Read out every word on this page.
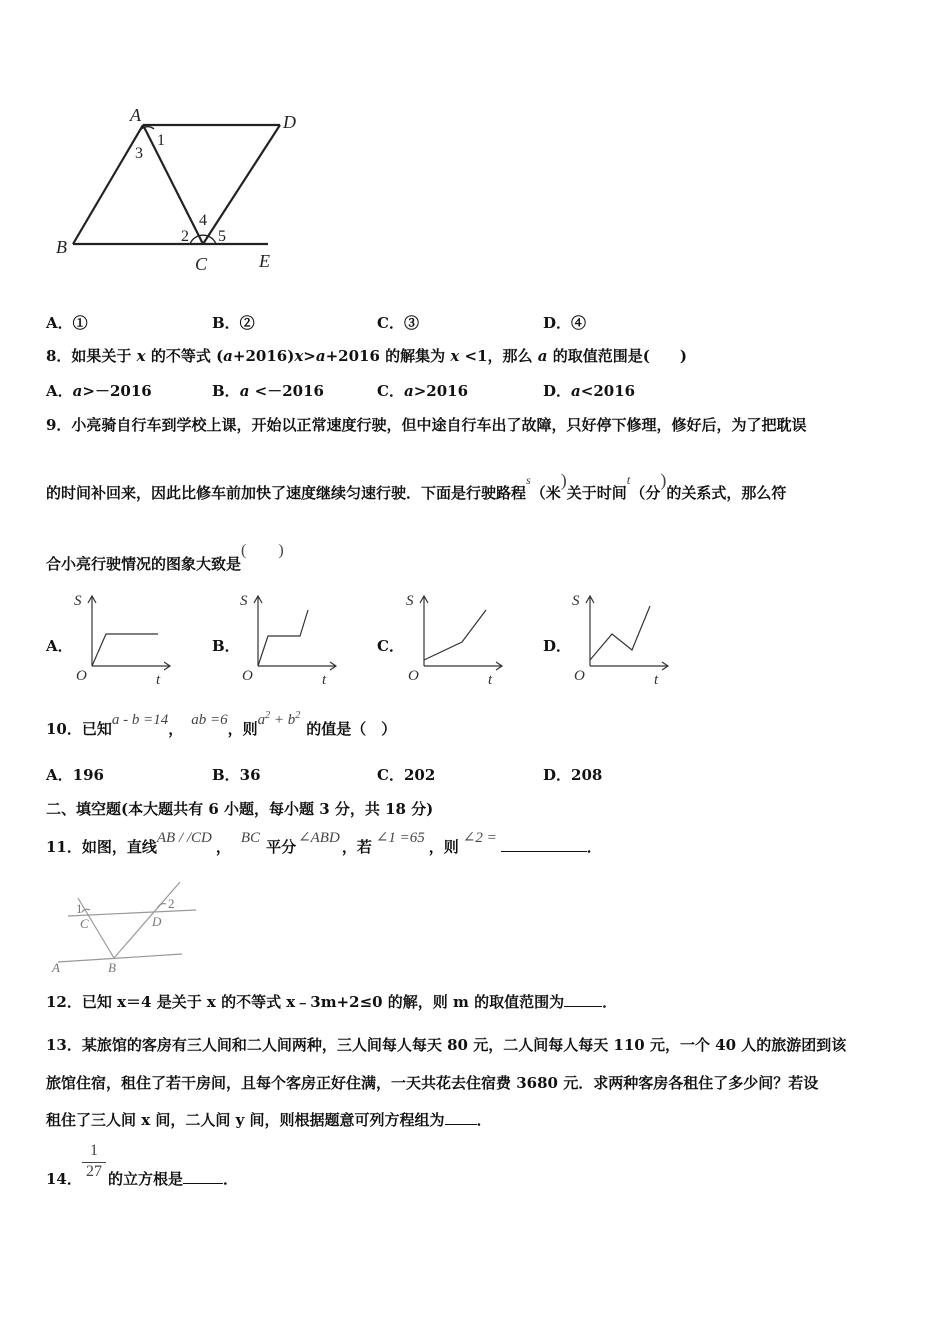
A	D
B
C	E
1
3
4
2 5
A．①	B．②	C．③	D．④
8．如果关于 x 的不等式 (a+2016)x>a+2016 的解集为 x <1，那么 a 的取值范围是(　　)
A．a>－2016	B．a <－2016	C．a>2016	D．a<2016
9．小亮骑自行车到学校上课，开始以正常速度行驶，但中途自行车出了故障，只好停下修理，修好后，为了把耽误
的时间补回来，因此比修车前加快了速度继续匀速行驶．下面是行驶路程$^s$（米)关于时间$^t$（分)的关系式，那么符
合小亮行驶情况的图象大致是(　　)
A．
S
O	t
B．
S
O	t
C．
S
O	t
D．
S
O	t
10．已知a - b =14， ab =6，则$a^2 + b^2$的值是（　）
A．196	B．36	C．202	D．208
二、填空题(本大题共有 6 小题，每小题 3 分，共 18 分)
11．如图，直线AB / /CD ， BC 平分 ∠ABD ，若 ∠1 =65 ，则 ∠2 =	．
1	2
C	D
A	B
12．已知 x＝4 是关于 x 的不等式 x﹣3m+2≤0 的解，则 m 的取值范围为	．
13．某旅馆的客房有三人间和二人间两种，三人间每人每天 80 元，二人间每人每天 110 元，一个 40 人的旅游团到该
旅馆住宿，租住了若干房间，且每个客房正好住满，一天共花去住宿费 3680 元．求两种客房各租住了多少间？若设
租住了三人间 x 间，二人间 y 间，则根据题意可列方程组为 ．
14． $\frac{1}{27}$ 的立方根是	．
